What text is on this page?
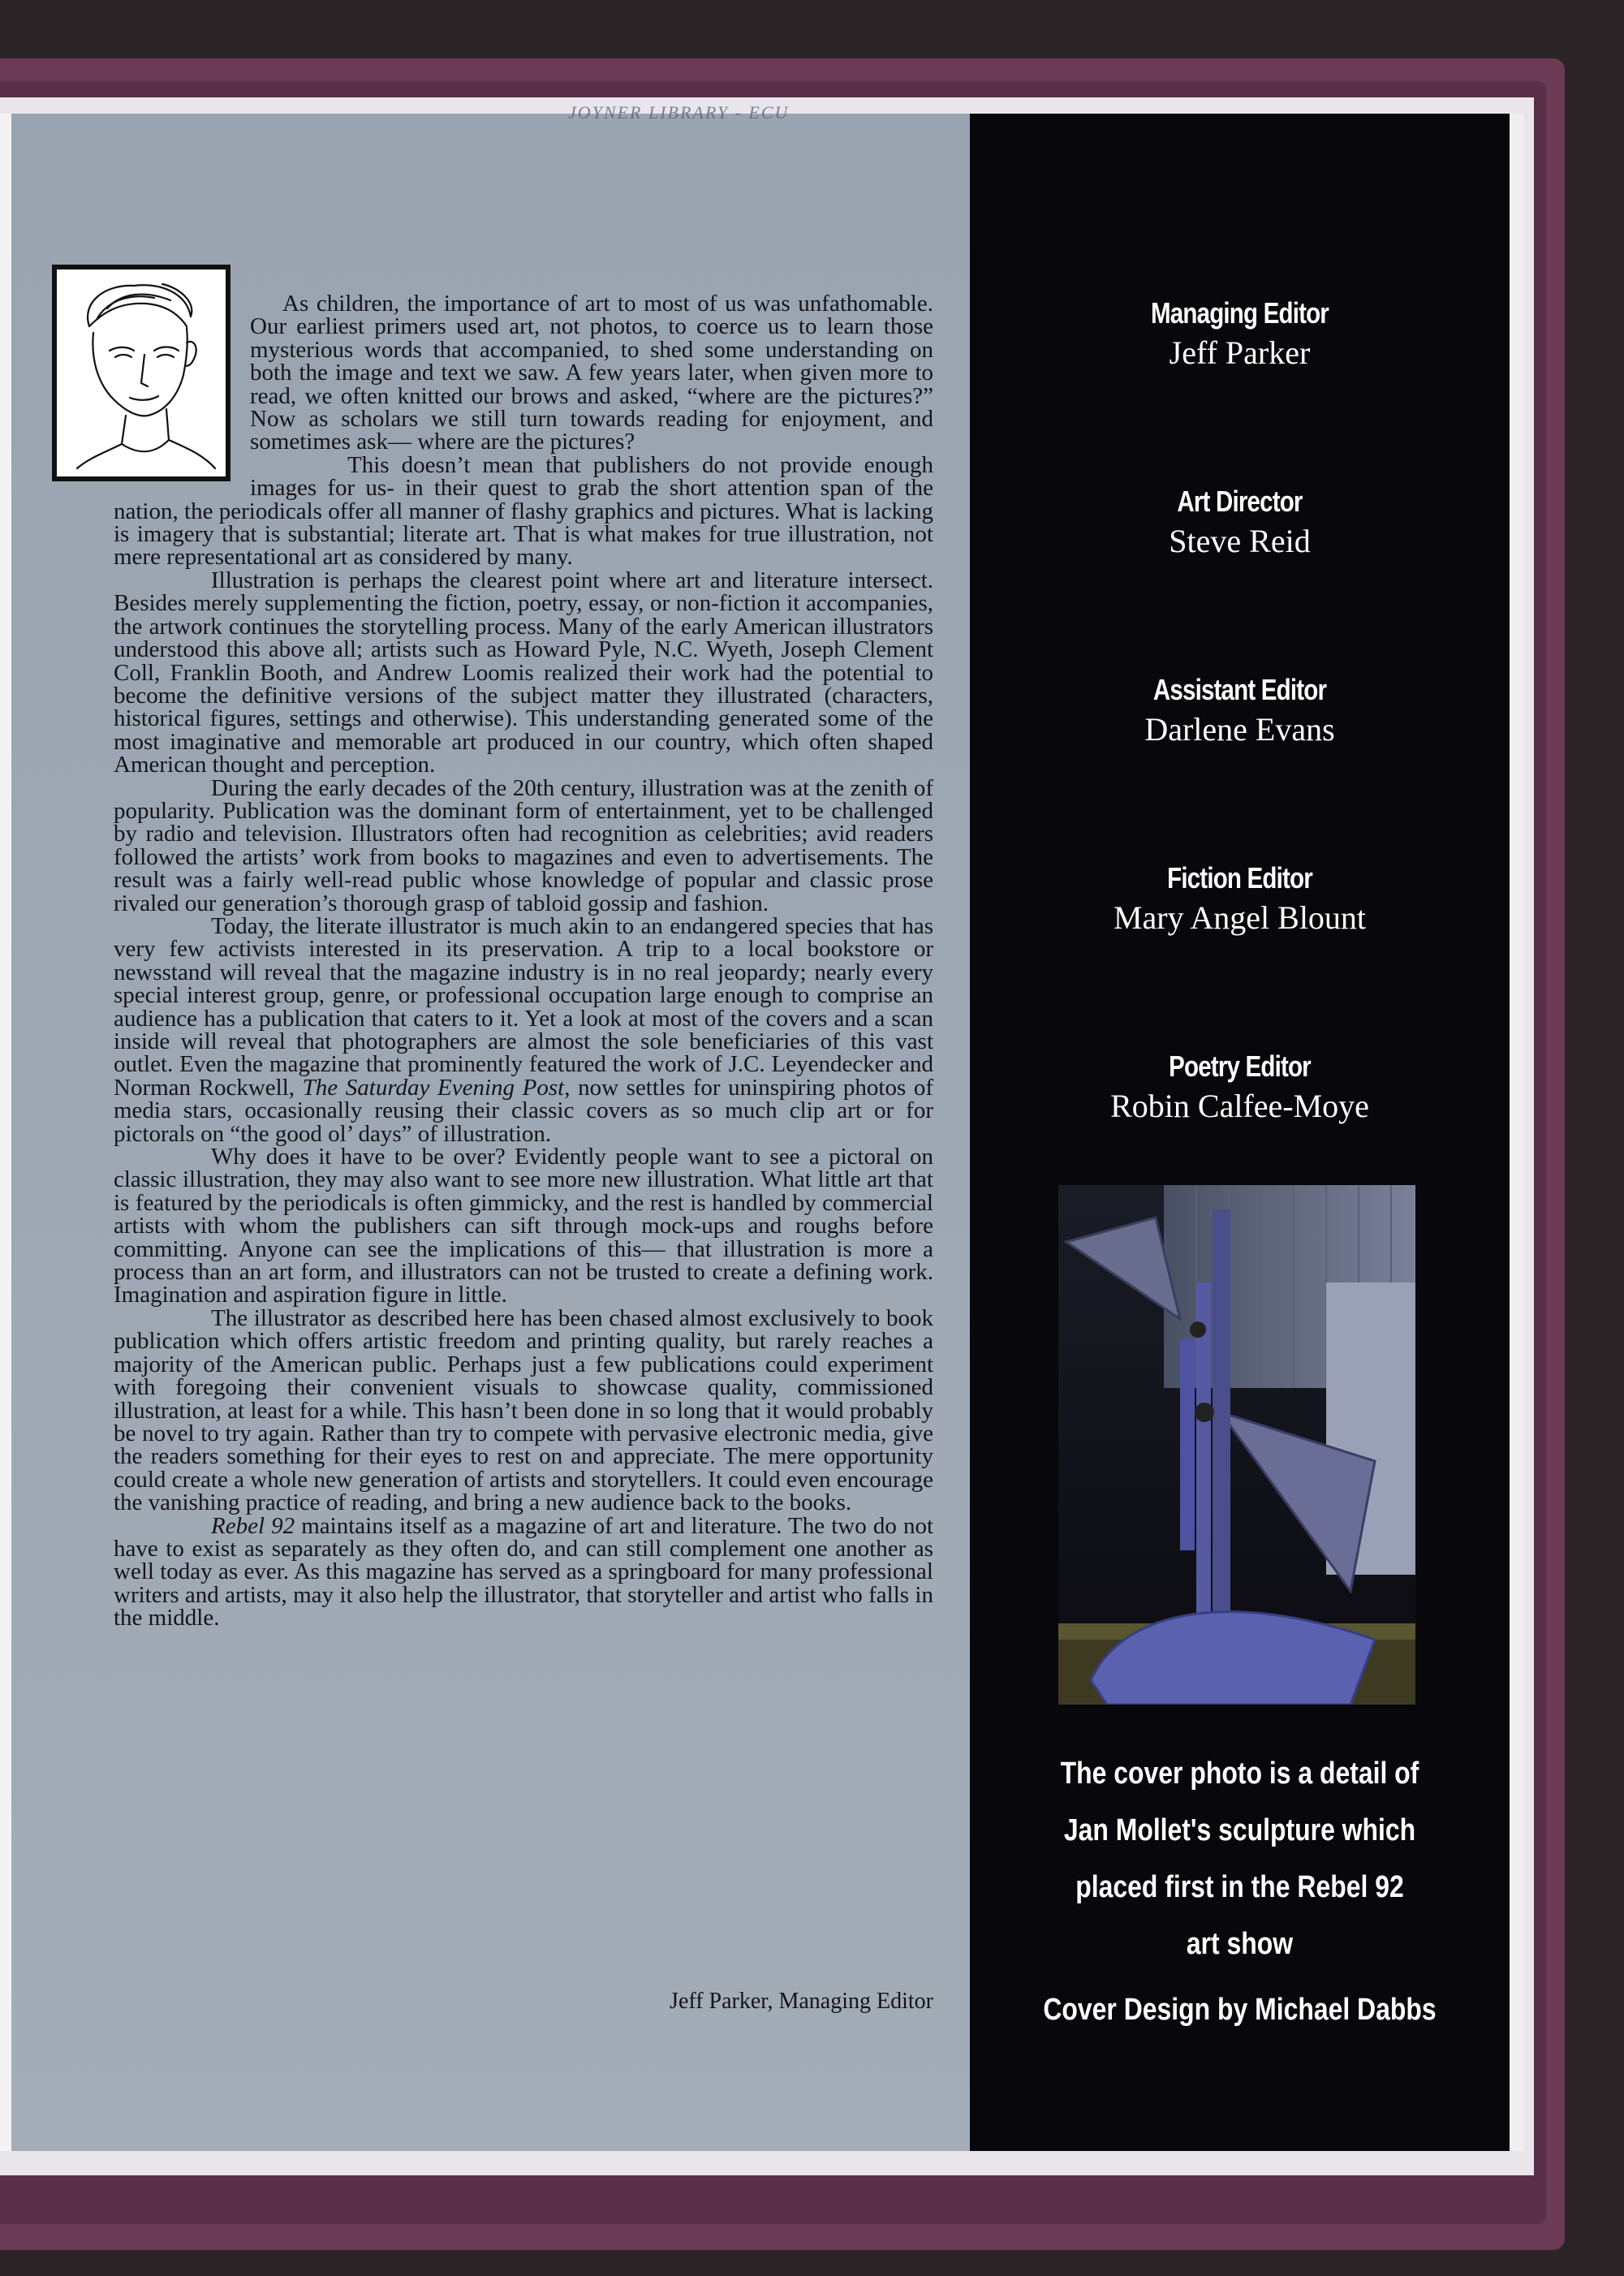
JOYNER LIBRARY - ECU

As children, the importance of art to most of us was unfathomable. Our earliest primers used art, not photos, to coerce us to learn those mysterious words that accompanied, to shed some understanding on both the image and text we saw. A few years later, when given more to read, we often knitted our brows and asked, “where are the pictures?” Now as scholars we still turn towards reading for enjoyment, and sometimes ask— where are the pictures?

This doesn’t mean that publishers do not provide enough images for us- in their quest to grab the short attention span of the nation, the periodicals offer all manner of flashy graphics and pictures. What is lacking is imagery that is substantial; literate art. That is what makes for true illustration, not mere representational art as considered by many.

Illustration is perhaps the clearest point where art and literature intersect. Besides merely supplementing the fiction, poetry, essay, or non-fiction it accompanies, the artwork continues the storytelling process. Many of the early American illustrators understood this above all; artists such as Howard Pyle, N.C. Wyeth, Joseph Clement Coll, Franklin Booth, and Andrew Loomis realized their work had the potential to become the definitive versions of the subject matter they illustrated (characters, historical figures, settings and otherwise). This understanding generated some of the most imaginative and memorable art produced in our country, which often shaped American thought and perception.

During the early decades of the 20th century, illustration was at the zenith of popularity. Publication was the dominant form of entertainment, yet to be challenged by radio and television. Illustrators often had recognition as celebrities; avid readers followed the artists’ work from books to magazines and even to advertisements. The result was a fairly well-read public whose knowledge of popular and classic prose rivaled our generation’s thorough grasp of tabloid gossip and fashion.

Today, the literate illustrator is much akin to an endangered species that has very few activists interested in its preservation. A trip to a local bookstore or newsstand will reveal that the magazine industry is in no real jeopardy; nearly every special interest group, genre, or professional occupation large enough to comprise an audience has a publication that caters to it. Yet a look at most of the covers and a scan inside will reveal that photographers are almost the sole beneficiaries of this vast outlet. Even the magazine that prominently featured the work of J.C. Leyendecker and Norman Rockwell, The Saturday Evening Post, now settles for uninspiring photos of media stars, occasionally reusing their classic covers as so much clip art or for pictorals on “the good ol’ days” of illustration.

Why does it have to be over? Evidently people want to see a pictoral on classic illustration, they may also want to see more new illustration. What little art that is featured by the periodicals is often gimmicky, and the rest is handled by commercial artists with whom the publishers can sift through mock-ups and roughs before committing. Anyone can see the implications of this— that illustration is more a process than an art form, and illustrators can not be trusted to create a defining work. Imagination and aspiration figure in little.

The illustrator as described here has been chased almost exclusively to book publication which offers artistic freedom and printing quality, but rarely reaches a majority of the American public. Perhaps just a few publications could experiment with foregoing their convenient visuals to showcase quality, commissioned illustration, at least for a while. This hasn’t been done in so long that it would probably be novel to try again. Rather than try to compete with pervasive electronic media, give the readers something for their eyes to rest on and appreciate. The mere opportunity could create a whole new generation of artists and storytellers. It could even encourage the vanishing practice of reading, and bring a new audience back to the books.

Rebel 92 maintains itself as a magazine of art and literature. The two do not have to exist as separately as they often do, and can still complement one another as well today as ever. As this magazine has served as a springboard for many professional writers and artists, may it also help the illustrator, that storyteller and artist who falls in the middle.

Jeff Parker, Managing Editor
Managing Editor
Jeff Parker
Art Director
Steve Reid
Assistant Editor
Darlene Evans
Fiction Editor
Mary Angel Blount
Poetry Editor
Robin Calfee-Moye
The cover photo is a detail of
Jan Mollet's sculpture which
placed first in the Rebel 92
art show
Cover Design by Michael Dabbs
